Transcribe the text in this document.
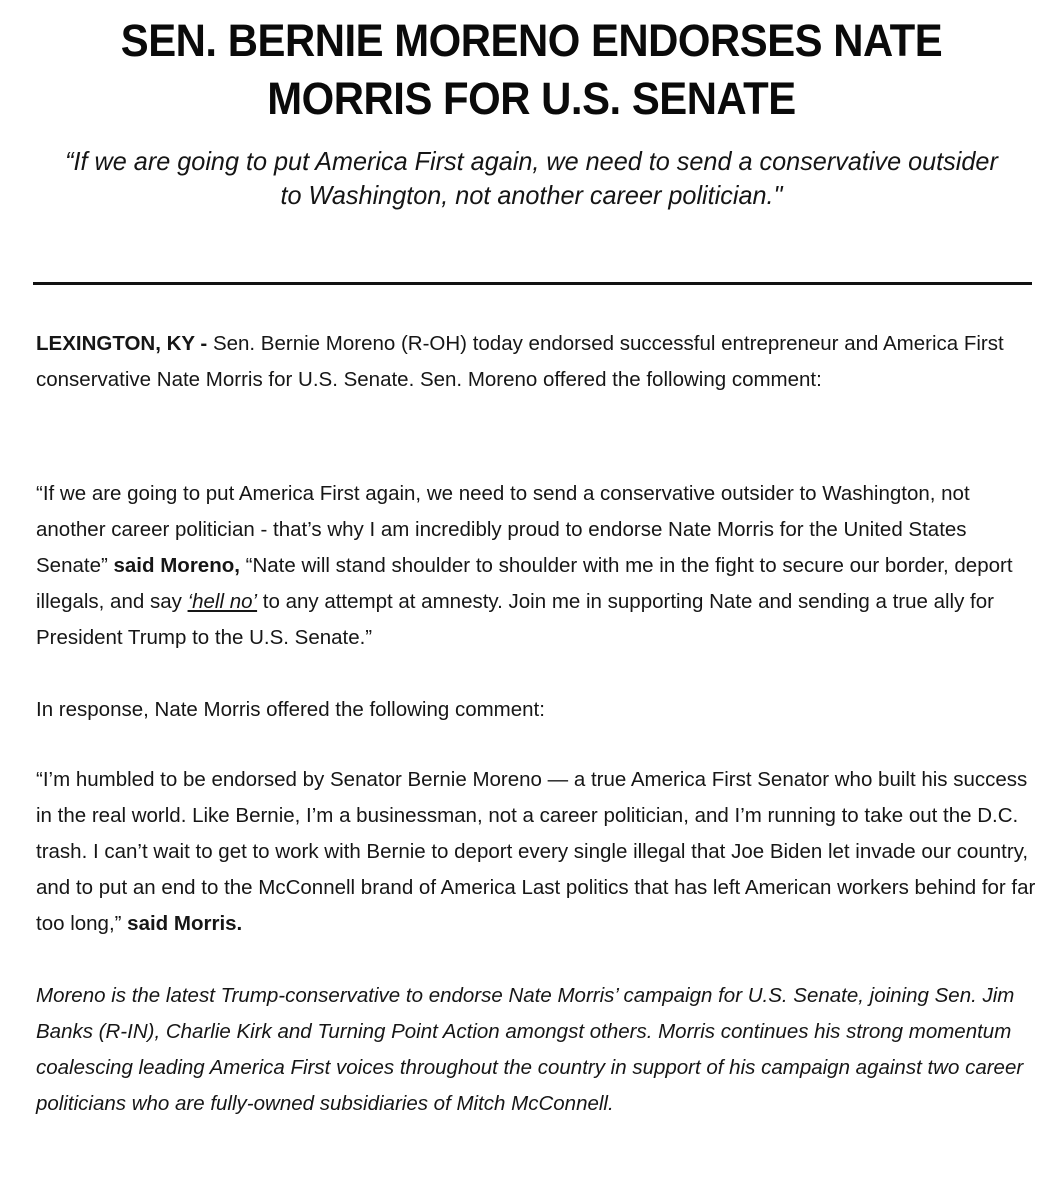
SEN. BERNIE MORENO ENDORSES NATE MORRIS FOR U.S. SENATE

“If we are going to put America First again, we need to send a conservative outsider to Washington, not another career politician."

LEXINGTON, KY - Sen. Bernie Moreno (R-OH) today endorsed successful entrepreneur and America First conservative Nate Morris for U.S. Senate. Sen. Moreno offered the following comment:

“If we are going to put America First again, we need to send a conservative outsider to Washington, not another career politician - that’s why I am incredibly proud to endorse Nate Morris for the United States Senate” said Moreno, “Nate will stand shoulder to shoulder with me in the fight to secure our border, deport illegals, and say ‘hell no’ to any attempt at amnesty. Join me in supporting Nate and sending a true ally for President Trump to the U.S. Senate.”

In response, Nate Morris offered the following comment:

“I’m humbled to be endorsed by Senator Bernie Moreno — a true America First Senator who built his success in the real world. Like Bernie, I’m a businessman, not a career politician, and I’m running to take out the D.C. trash. I can’t wait to get to work with Bernie to deport every single illegal that Joe Biden let invade our country, and to put an end to the McConnell brand of America Last politics that has left American workers behind for far too long,” said Morris.

Moreno is the latest Trump-conservative to endorse Nate Morris’ campaign for U.S. Senate, joining Sen. Jim Banks (R-IN), Charlie Kirk and Turning Point Action amongst others. Morris continues his strong momentum coalescing leading America First voices throughout the country in support of his campaign against two career politicians who are fully-owned subsidiaries of Mitch McConnell.
